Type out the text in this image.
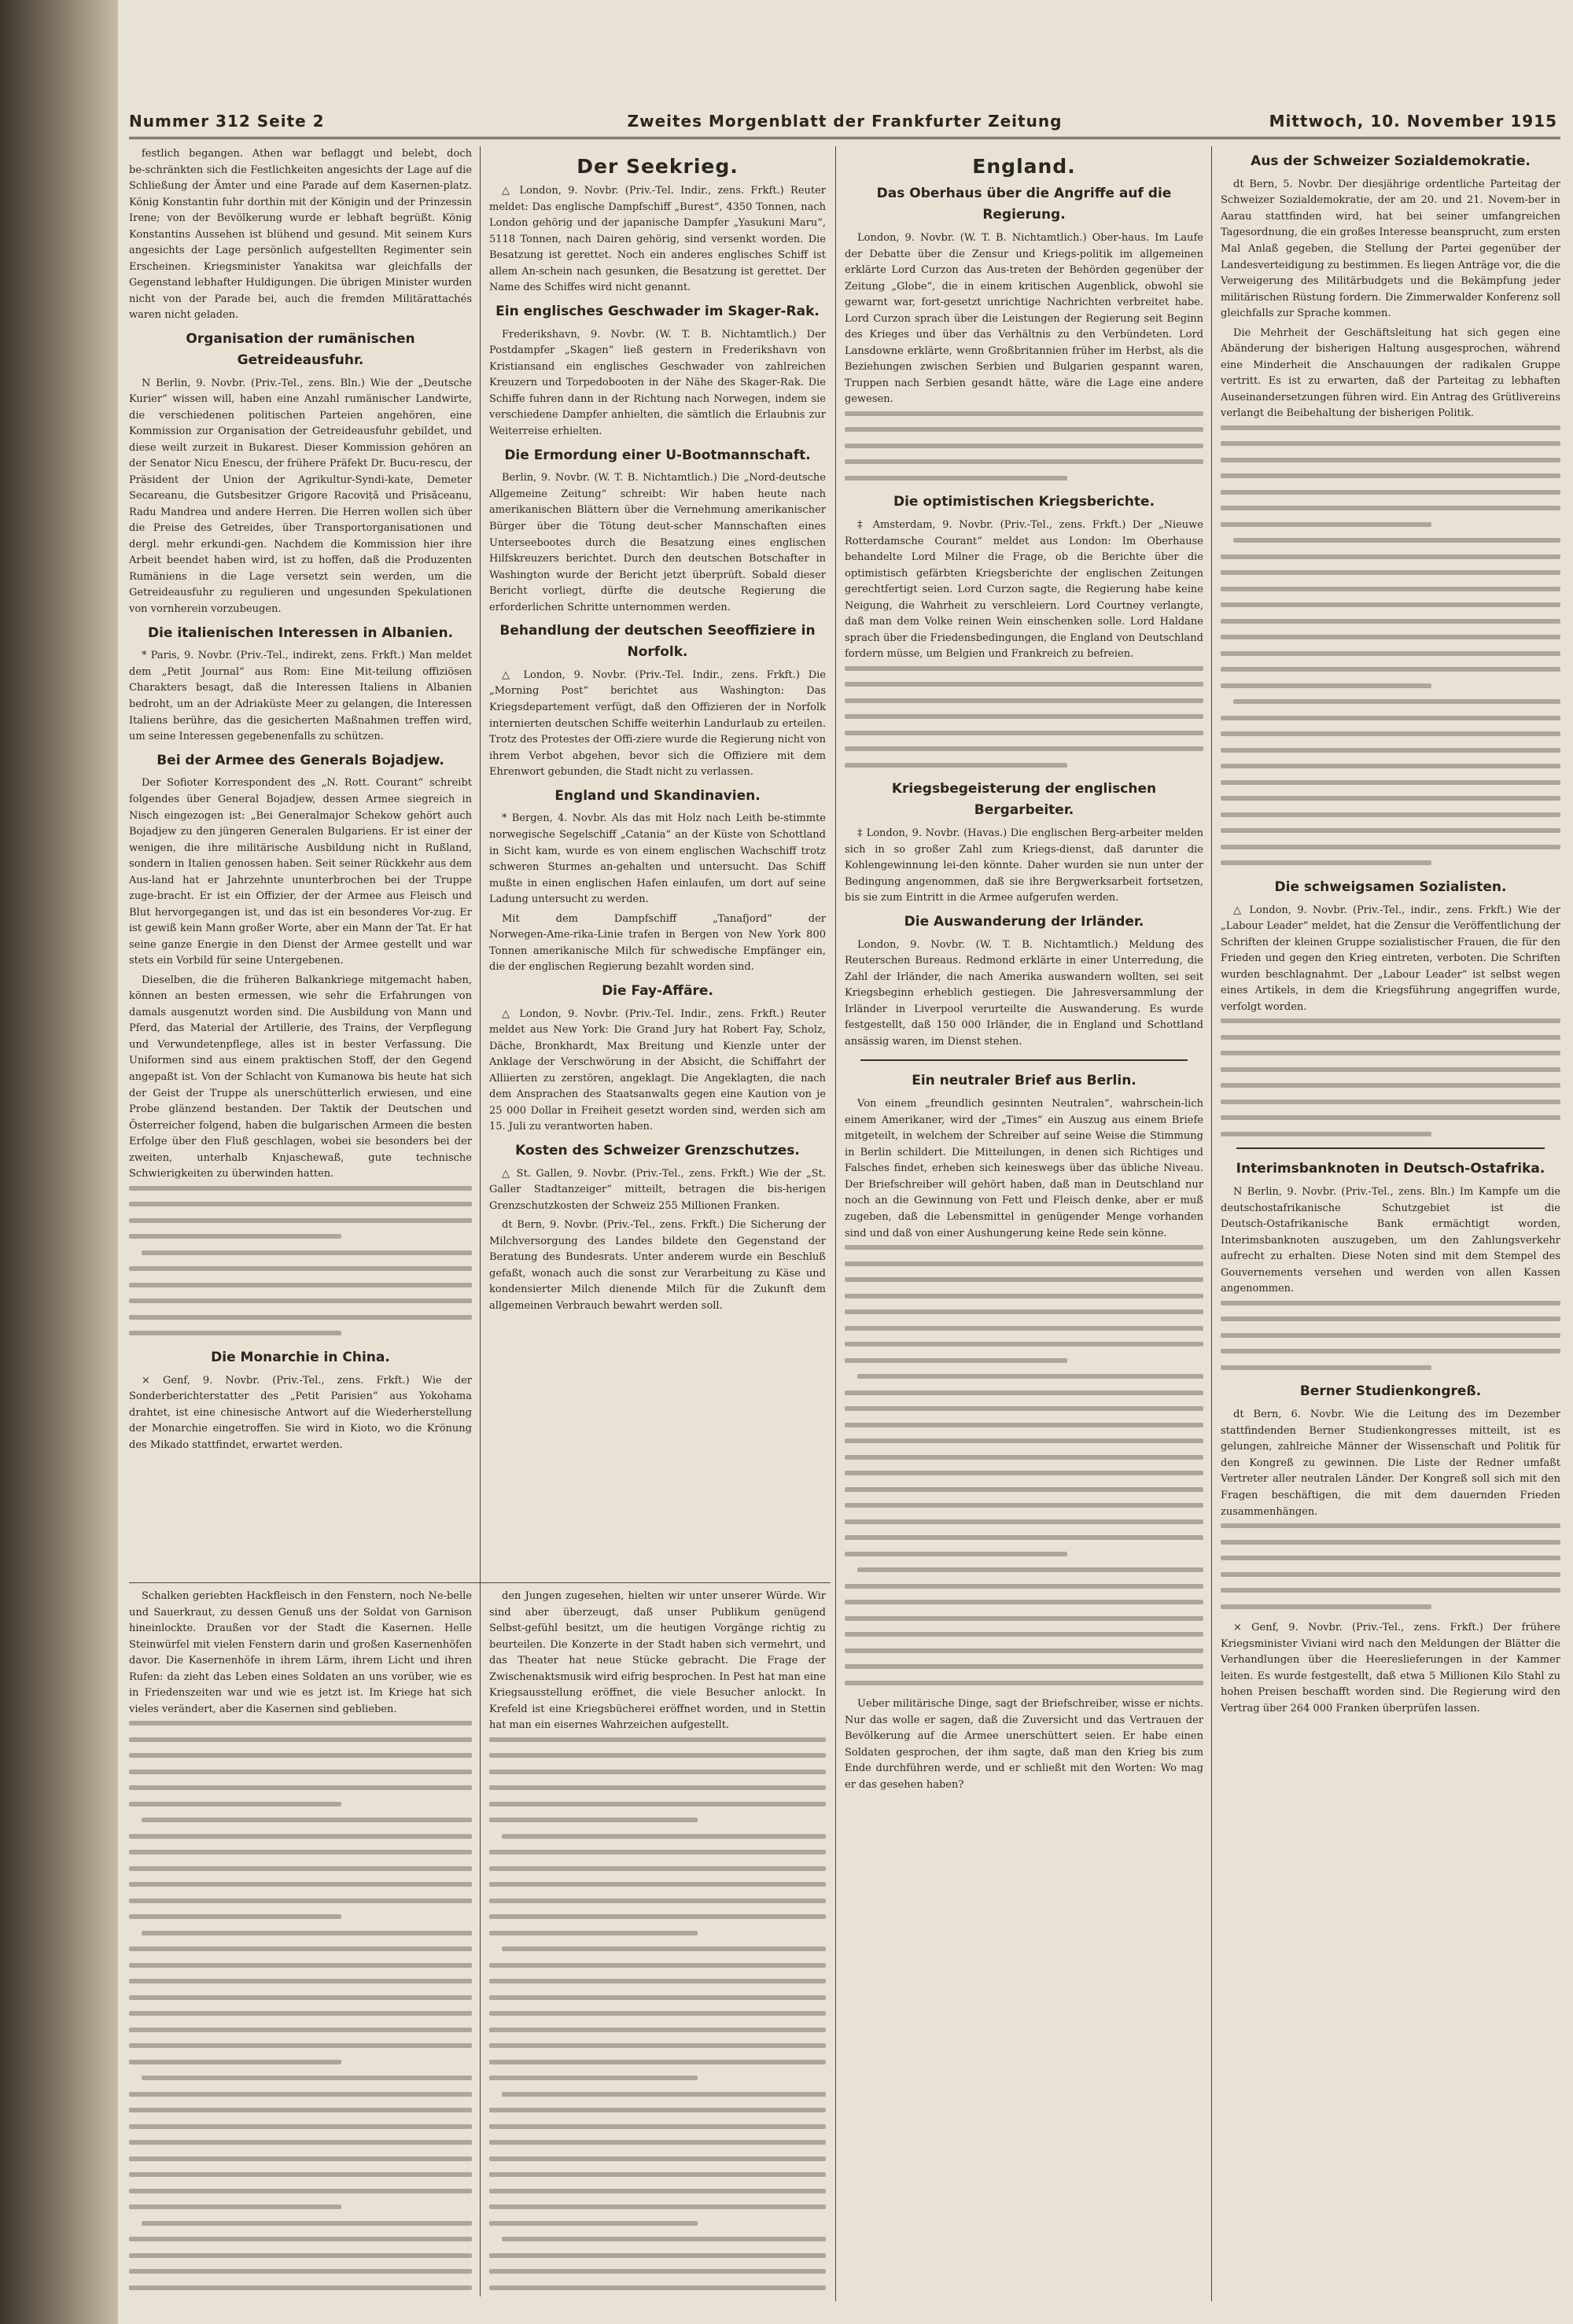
Nummer 312 Seite 2	Zweites Morgenblatt der Frankfurter Zeitung	Mittwoch, 10. November 1915

festlich begangen. Athen war beflaggt und belebt, doch be‑schränkten sich die Festlichkeiten angesichts der Lage auf die Schließung der Ämter und eine Parade auf dem Kasernen‑platz. König Konstantin fuhr dorthin mit der Königin und der Prinzessin Irene; von der Bevölkerung wurde er lebhaft begrüßt. König Konstantins Aussehen ist blühend und gesund. Mit seinem Kurs angesichts der Lage persönlich aufgestellten Regimenter sein Erscheinen. Kriegsminister Yanakitsa war gleichfalls der Gegenstand lebhafter Huldigungen. Die übrigen Minister wurden nicht von der Parade bei, auch die fremden Militärattachés waren nicht geladen.

Organisation der rumänischen Getreideausfuhr.

N Berlin, 9. Novbr. (Priv.‑Tel., zens. Bln.) Wie der „Deutsche Kurier“ wissen will, haben eine Anzahl rumänischer Landwirte, die verschiedenen politischen Parteien angehören, eine Kommission zur Organisation der Getreideausfuhr gebildet, und diese weilt zurzeit in Bukarest. Dieser Kommission gehören an der Senator Nicu Enescu, der frühere Präfekt Dr. Bucu‑rescu, der Präsident der Union der Agrikultur‑Syndi‑kate, Demeter Secareanu, die Gutsbesitzer Grigore Racoviță und Prisăceanu, Radu Mandrea und andere Herren. Die Herren wollen sich über die Preise des Getreides, über Transportorganisationen und dergl. mehr erkundi‑gen. Nachdem die Kommission hier ihre Arbeit beendet haben wird, ist zu hoffen, daß die Produzenten Rumäniens in die Lage versetzt sein werden, um die Getreideausfuhr zu regulieren und ungesunden Spekulationen von vornherein vorzubeugen.

Die italienischen Interessen in Albanien.

* Paris, 9. Novbr. (Priv.‑Tel., indirekt, zens. Frkft.) Man meldet dem „Petit Journal“ aus Rom: Eine Mit‑teilung offiziösen Charakters besagt, daß die Interessen Italiens in Albanien bedroht, um an der Adriaküste Meer zu gelangen, die Interessen Italiens berühre, das die gesicherten Maßnahmen treffen wird, um seine Interessen gegebenenfalls zu schützen.

Bei der Armee des Generals Bojadjew.

Der Sofioter Korrespondent des „N. Rott. Courant“ schreibt folgendes über General Bojadjew, dessen Armee siegreich in Nisch eingezogen ist: „Bei Generalmajor Schekow gehört auch Bojadjew zu den jüngeren Generalen Bulgariens. Er ist einer der wenigen, die ihre militärische Ausbildung nicht in Rußland, sondern in Italien genossen haben. Seit seiner Rückkehr aus dem Aus‑land hat er Jahrzehnte ununterbrochen bei der Truppe zuge‑bracht. Er ist ein Offizier, der der Armee aus Fleisch und Blut hervorgegangen ist, und das ist ein besonderes Vor‑zug. Er ist gewiß kein Mann großer Worte, aber ein Mann der Tat. Er hat seine ganze Energie in den Dienst der Armee gestellt und war stets ein Vorbild für seine Untergebenen.

Dieselben, die die früheren Balkankriege mitgemacht haben, können an besten ermessen, wie sehr die Erfahrungen von damals ausgenutzt worden sind. Die Ausbildung von Mann und Pferd, das Material der Artillerie, des Trains, der Verpflegung und Verwundetenpflege, alles ist in bester Verfassung. Die Uniformen sind aus einem praktischen Stoff, der den Gegend angepaßt ist. Von der Schlacht von Kumanowa bis heute hat sich der Geist der Truppe als unerschütterlich erwiesen, und eine Probe glänzend bestanden. Der Taktik der Deutschen und Österreicher folgend, haben die bulgarischen Armeen die besten Erfolge über den Fluß geschlagen, wobei sie besonders bei der zweiten, unterhalb Knjaschewaß, gute technische Schwierigkeiten zu überwinden hatten.

Die Monarchie in China.

× Genf, 9. Novbr. (Priv.‑Tel., zens. Frkft.) Wie der Sonderberichterstatter des „Petit Parisien“ aus Yokohama drahtet, ist eine chinesische Antwort auf die Wiederherstellung der Monarchie eingetroffen. Sie wird in Kioto, wo die Krönung des Mikado stattfindet, erwartet werden.

Der Seekrieg.

△ London, 9. Novbr. (Priv.‑Tel. Indir., zens. Frkft.) Reuter meldet: Das englische Dampfschiff „Burest“, 4350 Tonnen, nach London gehörig und der japanische Dampfer „Yasukuni Maru“, 5118 Tonnen, nach Dairen gehörig, sind versenkt worden. Die Besatzung ist gerettet. Noch ein anderes englisches Schiff ist allem An‑schein nach gesunken, die Besatzung ist gerettet. Der Name des Schiffes wird nicht genannt.

Ein englisches Geschwader im Skager‑Rak.

Frederikshavn, 9. Novbr. (W. T. B. Nichtamtlich.) Der Postdampfer „Skagen“ ließ gestern in Frederikshavn von Kristiansand ein englisches Geschwader von zahlreichen Kreuzern und Torpedobooten in der Nähe des Skager‑Rak. Die Schiffe fuhren dann in der Richtung nach Norwegen, indem sie verschiedene Dampfer anhielten, die sämtlich die Erlaubnis zur Weiterreise erhielten.

Die Ermordung einer U‑Bootmannschaft.

Berlin, 9. Novbr. (W. T. B. Nichtamtlich.) Die „Nord‑deutsche Allgemeine Zeitung“ schreibt: Wir haben heute nach amerikanischen Blättern über die Vernehmung amerikanischer Bürger über die Tötung deut‑scher Mannschaften eines Unterseebootes durch die Besatzung eines englischen Hilfskreuzers berichtet. Durch den deutschen Botschafter in Washington wurde der Bericht jetzt überprüft. Sobald dieser Bericht vorliegt, dürfte die deutsche Regierung die erforderlichen Schritte unternommen werden.

Behandlung der deutschen Seeoffiziere in Norfolk.

△ London, 9. Novbr. (Priv.‑Tel. Indir., zens. Frkft.) Die „Morning Post“ berichtet aus Washington: Das Kriegsdepartement verfügt, daß den Offizieren der in Norfolk internierten deutschen Schiffe weiterhin Landurlaub zu erteilen. Trotz des Protestes der Offi‑ziere wurde die Regierung nicht von ihrem Verbot abgehen, bevor sich die Offiziere mit dem Ehrenwort gebunden, die Stadt nicht zu verlassen.

England und Skandinavien.

* Bergen, 4. Novbr. Als das mit Holz nach Leith be‑stimmte norwegische Segelschiff „Catania“ an der Küste von Schottland in Sicht kam, wurde es von einem englischen Wachschiff trotz schweren Sturmes an‑gehalten und untersucht. Das Schiff mußte in einen englischen Hafen einlaufen, um dort auf seine Ladung untersucht zu werden.

Mit dem Dampfschiff „Tanafjord“ der Norwegen‑Ame‑rika‑Linie trafen in Bergen von New York 800 Tonnen amerikanische Milch für schwedische Empfänger ein, die der englischen Regierung bezahlt worden sind.

Die Fay‑Affäre.

△ London, 9. Novbr. (Priv.‑Tel. Indir., zens. Frkft.) Reuter meldet aus New York: Die Grand Jury hat Robert Fay, Scholz, Däche, Bronkhardt, Max Breitung und Kienzle unter der Anklage der Verschwörung in der Absicht, die Schiffahrt der Alliierten zu zerstören, angeklagt. Die Angeklagten, die nach dem Ansprachen des Staatsanwalts gegen eine Kaution von je 25 000 Dollar in Freiheit gesetzt worden sind, werden sich am 15. Juli zu verantworten haben.

Kosten des Schweizer Grenzschutzes.

△ St. Gallen, 9. Novbr. (Priv.‑Tel., zens. Frkft.) Wie der „St. Galler Stadtanzeiger“ mitteilt, betragen die bis‑herigen Grenzschutzkosten der Schweiz 255 Millionen Franken.

dt Bern, 9. Novbr. (Priv.‑Tel., zens. Frkft.) Die Sicherung der Milchversorgung des Landes bildete den Gegenstand der Beratung des Bundesrats. Unter anderem wurde ein Beschluß gefaßt, wonach auch die sonst zur Verarbeitung zu Käse und kondensierter Milch dienende Milch für die Zukunft dem allgemeinen Verbrauch bewahrt werden soll.

Schalken geriebten Hackfleisch in den Fenstern, noch Ne‑belle und Sauerkraut, zu dessen Genuß uns der Soldat von Garnison hineinlockte. Draußen vor der Stadt die Kasernen. Helle Steinwürfel mit vielen Fenstern darin und großen Kasernenhöfen davor. Die Kasernenhöfe in ihrem Lärm, ihrem Licht und ihren Rufen: da zieht das Leben eines Soldaten an uns vorüber, wie es in Friedenszeiten war und wie es jetzt ist. Im Kriege hat sich vieles verändert, aber die Kasernen sind geblieben.

den Jungen zugesehen, hielten wir unter unserer Würde. Wir sind aber überzeugt, daß unser Publikum genügend Selbst‑gefühl besitzt, um die heutigen Vorgänge richtig zu beurteilen. Die Konzerte in der Stadt haben sich vermehrt, und das Theater hat neue Stücke gebracht. Die Frage der Zwischenaktsmusik wird eifrig besprochen. In Pest hat man eine Kriegsausstellung eröffnet, die viele Besucher anlockt. In Krefeld ist eine Kriegsbücherei eröffnet worden, und in Stettin hat man ein eisernes Wahrzeichen aufgestellt.

England.
Das Oberhaus über die Angriffe auf die Regierung.

London, 9. Novbr. (W. T. B. Nichtamtlich.) Ober‑haus. Im Laufe der Debatte über die Zensur und Kriegs‑politik im allgemeinen erklärte Lord Curzon das Aus‑treten der Behörden gegenüber der Zeitung „Globe“, die in einem kritischen Augenblick, obwohl sie gewarnt war, fort‑gesetzt unrichtige Nachrichten verbreitet habe. Lord Curzon sprach über die Leistungen der Regierung seit Beginn des Krieges und über das Verhältnis zu den Verbündeten. Lord Lansdowne erklärte, wenn Großbritannien früher im Herbst, als die Beziehungen zwischen Serbien und Bulgarien gespannt waren, Truppen nach Serbien gesandt hätte, wäre die Lage eine andere gewesen.

Die optimistischen Kriegsberichte.

‡ Amsterdam, 9. Novbr. (Priv.‑Tel., zens. Frkft.) Der „Nieuwe Rotterdamsche Courant“ meldet aus London: Im Oberhause behandelte Lord Milner die Frage, ob die Berichte über die optimistisch gefärbten Kriegsberichte der englischen Zeitungen gerechtfertigt seien. Lord Curzon sagte, die Regierung habe keine Neigung, die Wahrheit zu verschleiern. Lord Courtney verlangte, daß man dem Volke reinen Wein einschenken solle. Lord Haldane sprach über die Friedensbedingungen, die England von Deutschland fordern müsse, um Belgien und Frankreich zu befreien.

Kriegsbegeisterung der englischen Bergarbeiter.

‡ London, 9. Novbr. (Havas.) Die englischen Berg‑arbeiter melden sich in so großer Zahl zum Kriegs‑dienst, daß darunter die Kohlengewinnung lei‑den könnte. Daher wurden sie nun unter der Bedingung angenommen, daß sie ihre Bergwerksarbeit fortsetzen, bis sie zum Eintritt in die Armee aufgerufen werden.

Die Auswanderung der Irländer.

London, 9. Novbr. (W. T. B. Nichtamtlich.) Meldung des Reuterschen Bureaus. Redmond erklärte in einer Unterredung, die Zahl der Irländer, die nach Amerika auswandern wollten, sei seit Kriegsbeginn erheblich gestiegen. Die Jahresversammlung der Irländer in Liverpool verurteilte die Auswanderung. Es wurde festgestellt, daß 150 000 Irländer, die in England und Schottland ansässig waren, im Dienst stehen.

Ein neutraler Brief aus Berlin.

Von einem „freundlich gesinnten Neutralen“, wahrschein‑lich einem Amerikaner, wird der „Times“ ein Auszug aus einem Briefe mitgeteilt, in welchem der Schreiber auf seine Weise die Stimmung in Berlin schildert. Die Mitteilungen, in denen sich Richtiges und Falsches findet, erheben sich keineswegs über das übliche Niveau. Der Briefschreiber will gehört haben, daß man in Deutschland nur noch an die Gewinnung von Fett und Fleisch denke, aber er muß zugeben, daß die Lebensmittel in genügender Menge vorhanden sind und daß von einer Aushungerung keine Rede sein könne.

Ueber militärische Dinge, sagt der Briefschreiber, wisse er nichts. Nur das wolle er sagen, daß die Zuversicht und das Vertrauen der Bevölkerung auf die Armee unerschüttert seien. Er habe einen Soldaten gesprochen, der ihm sagte, daß man den Krieg bis zum Ende durchführen werde, und er schließt mit den Worten: Wo mag er das gesehen haben?

Aus der Schweizer Sozialdemokratie.

dt Bern, 5. Novbr. Der diesjährige ordentliche Parteitag der Schweizer Sozialdemokratie, der am 20. und 21. Novem‑ber in Aarau stattfinden wird, hat bei seiner umfangreichen Tagesordnung, die ein großes Interesse beansprucht, zum ersten Mal Anlaß gegeben, die Stellung der Partei gegenüber der Landesverteidigung zu bestimmen. Es liegen Anträge vor, die die Verweigerung des Militärbudgets und die Bekämpfung jeder militärischen Rüstung fordern. Die Zimmerwalder Konferenz soll gleichfalls zur Sprache kommen.

Die Mehrheit der Geschäftsleitung hat sich gegen eine Abänderung der bisherigen Haltung ausgesprochen, während eine Minderheit die Anschauungen der radikalen Gruppe vertritt. Es ist zu erwarten, daß der Parteitag zu lebhaften Auseinandersetzungen führen wird. Ein Antrag des Grütlivereins verlangt die Beibehaltung der bisherigen Politik.

Die schweigsamen Sozialisten.

△ London, 9. Novbr. (Priv.‑Tel., indir., zens. Frkft.) Wie der „Labour Leader“ meldet, hat die Zensur die Veröffentlichung der Schriften der kleinen Gruppe sozialistischer Frauen, die für den Frieden und gegen den Krieg eintreten, verboten. Die Schriften wurden beschlagnahmt. Der „Labour Leader“ ist selbst wegen eines Artikels, in dem die Kriegsführung angegriffen wurde, verfolgt worden.

Interimsbanknoten in Deutsch‑Ostafrika.

N Berlin, 9. Novbr. (Priv.‑Tel., zens. Bln.) Im Kampfe um die deutschostafrikanische Schutzgebiet ist die Deutsch‑Ostafrikanische Bank ermächtigt worden, Interimsbanknoten auszugeben, um den Zahlungsverkehr aufrecht zu erhalten. Diese Noten sind mit dem Stempel des Gouvernements versehen und werden von allen Kassen angenommen.

Berner Studienkongreß.

dt Bern, 6. Novbr. Wie die Leitung des im Dezember stattfindenden Berner Studienkongresses mitteilt, ist es gelungen, zahlreiche Männer der Wissenschaft und Politik für den Kongreß zu gewinnen. Die Liste der Redner umfaßt Vertreter aller neutralen Länder. Der Kongreß soll sich mit den Fragen beschäftigen, die mit dem dauernden Frieden zusammenhängen.

× Genf, 9. Novbr. (Priv.‑Tel., zens. Frkft.) Der frühere Kriegsminister Viviani wird nach den Meldungen der Blätter die Verhandlungen über die Heereslieferungen in der Kammer leiten. Es wurde festgestellt, daß etwa 5 Millionen Kilo Stahl zu hohen Preisen beschafft worden sind. Die Regierung wird den Vertrag über 264 000 Franken überprüfen lassen.
